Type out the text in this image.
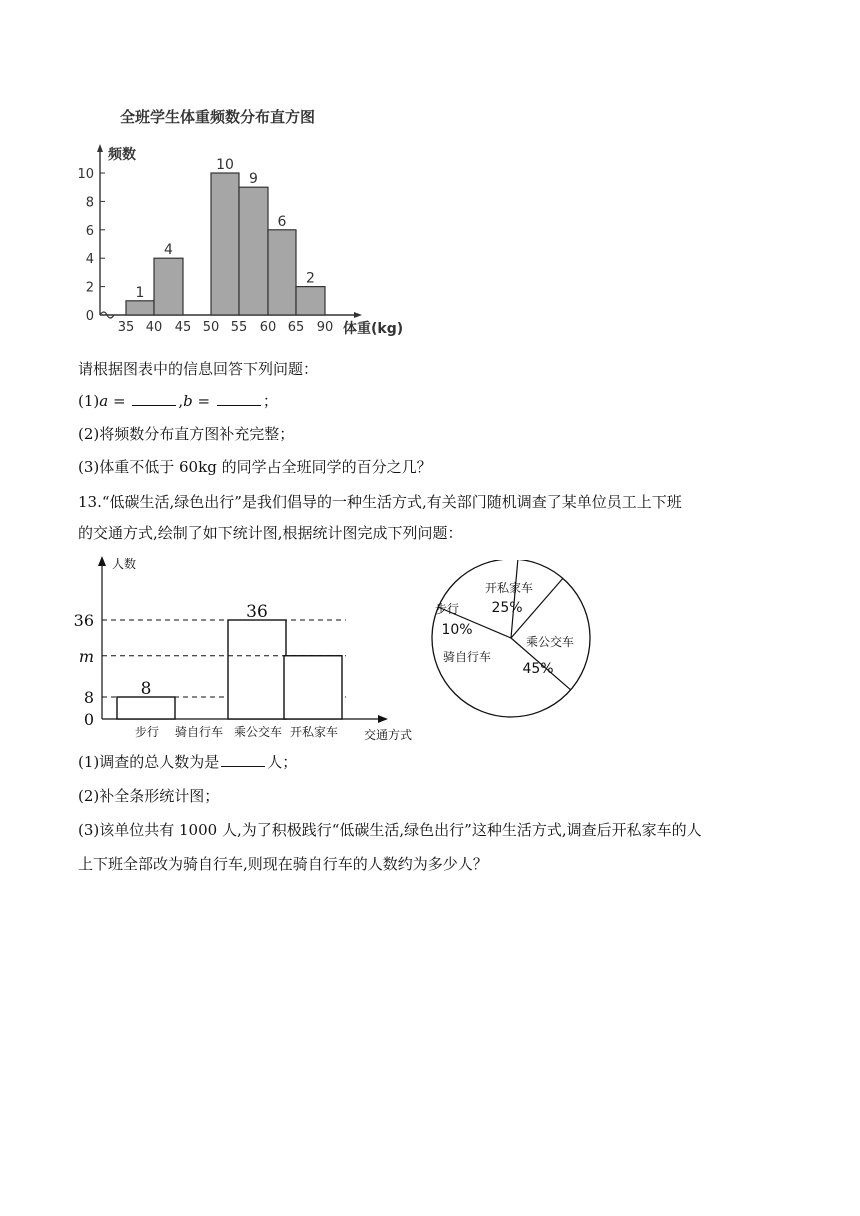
全班学生体重频数分布直方图
0
2
4
6
8
10
频数
35 40 45 50 55 60 65 90 体重(kg)
1
4
10
9
6
2
请根据图表中的信息回答下列问题：
(1)a =	,b =	；
(2)将频数分布直方图补充完整；
(3)体重不低于 60kg 的同学占全班同学的百分之几？
13.“低碳生活,绿色出行”是我们倡导的一种生活方式,有关部门随机调查了某单位员工上下班
的交通方式,绘制了如下统计图,根据统计图完成下列问题：
人数
交通方式
0
8
m
36
步行 骑自行车 乘公交车 开私家车
8
36
开私家车
25%
乘公交车
45%
骑自行车
步行
10%
(1)调查的总人数为是	人；
(2)补全条形统计图；
(3)该单位共有 1000 人,为了积极践行“低碳生活,绿色出行”这种生活方式,调查后开私家车的人
上下班全部改为骑自行车,则现在骑自行车的人数约为多少人？
